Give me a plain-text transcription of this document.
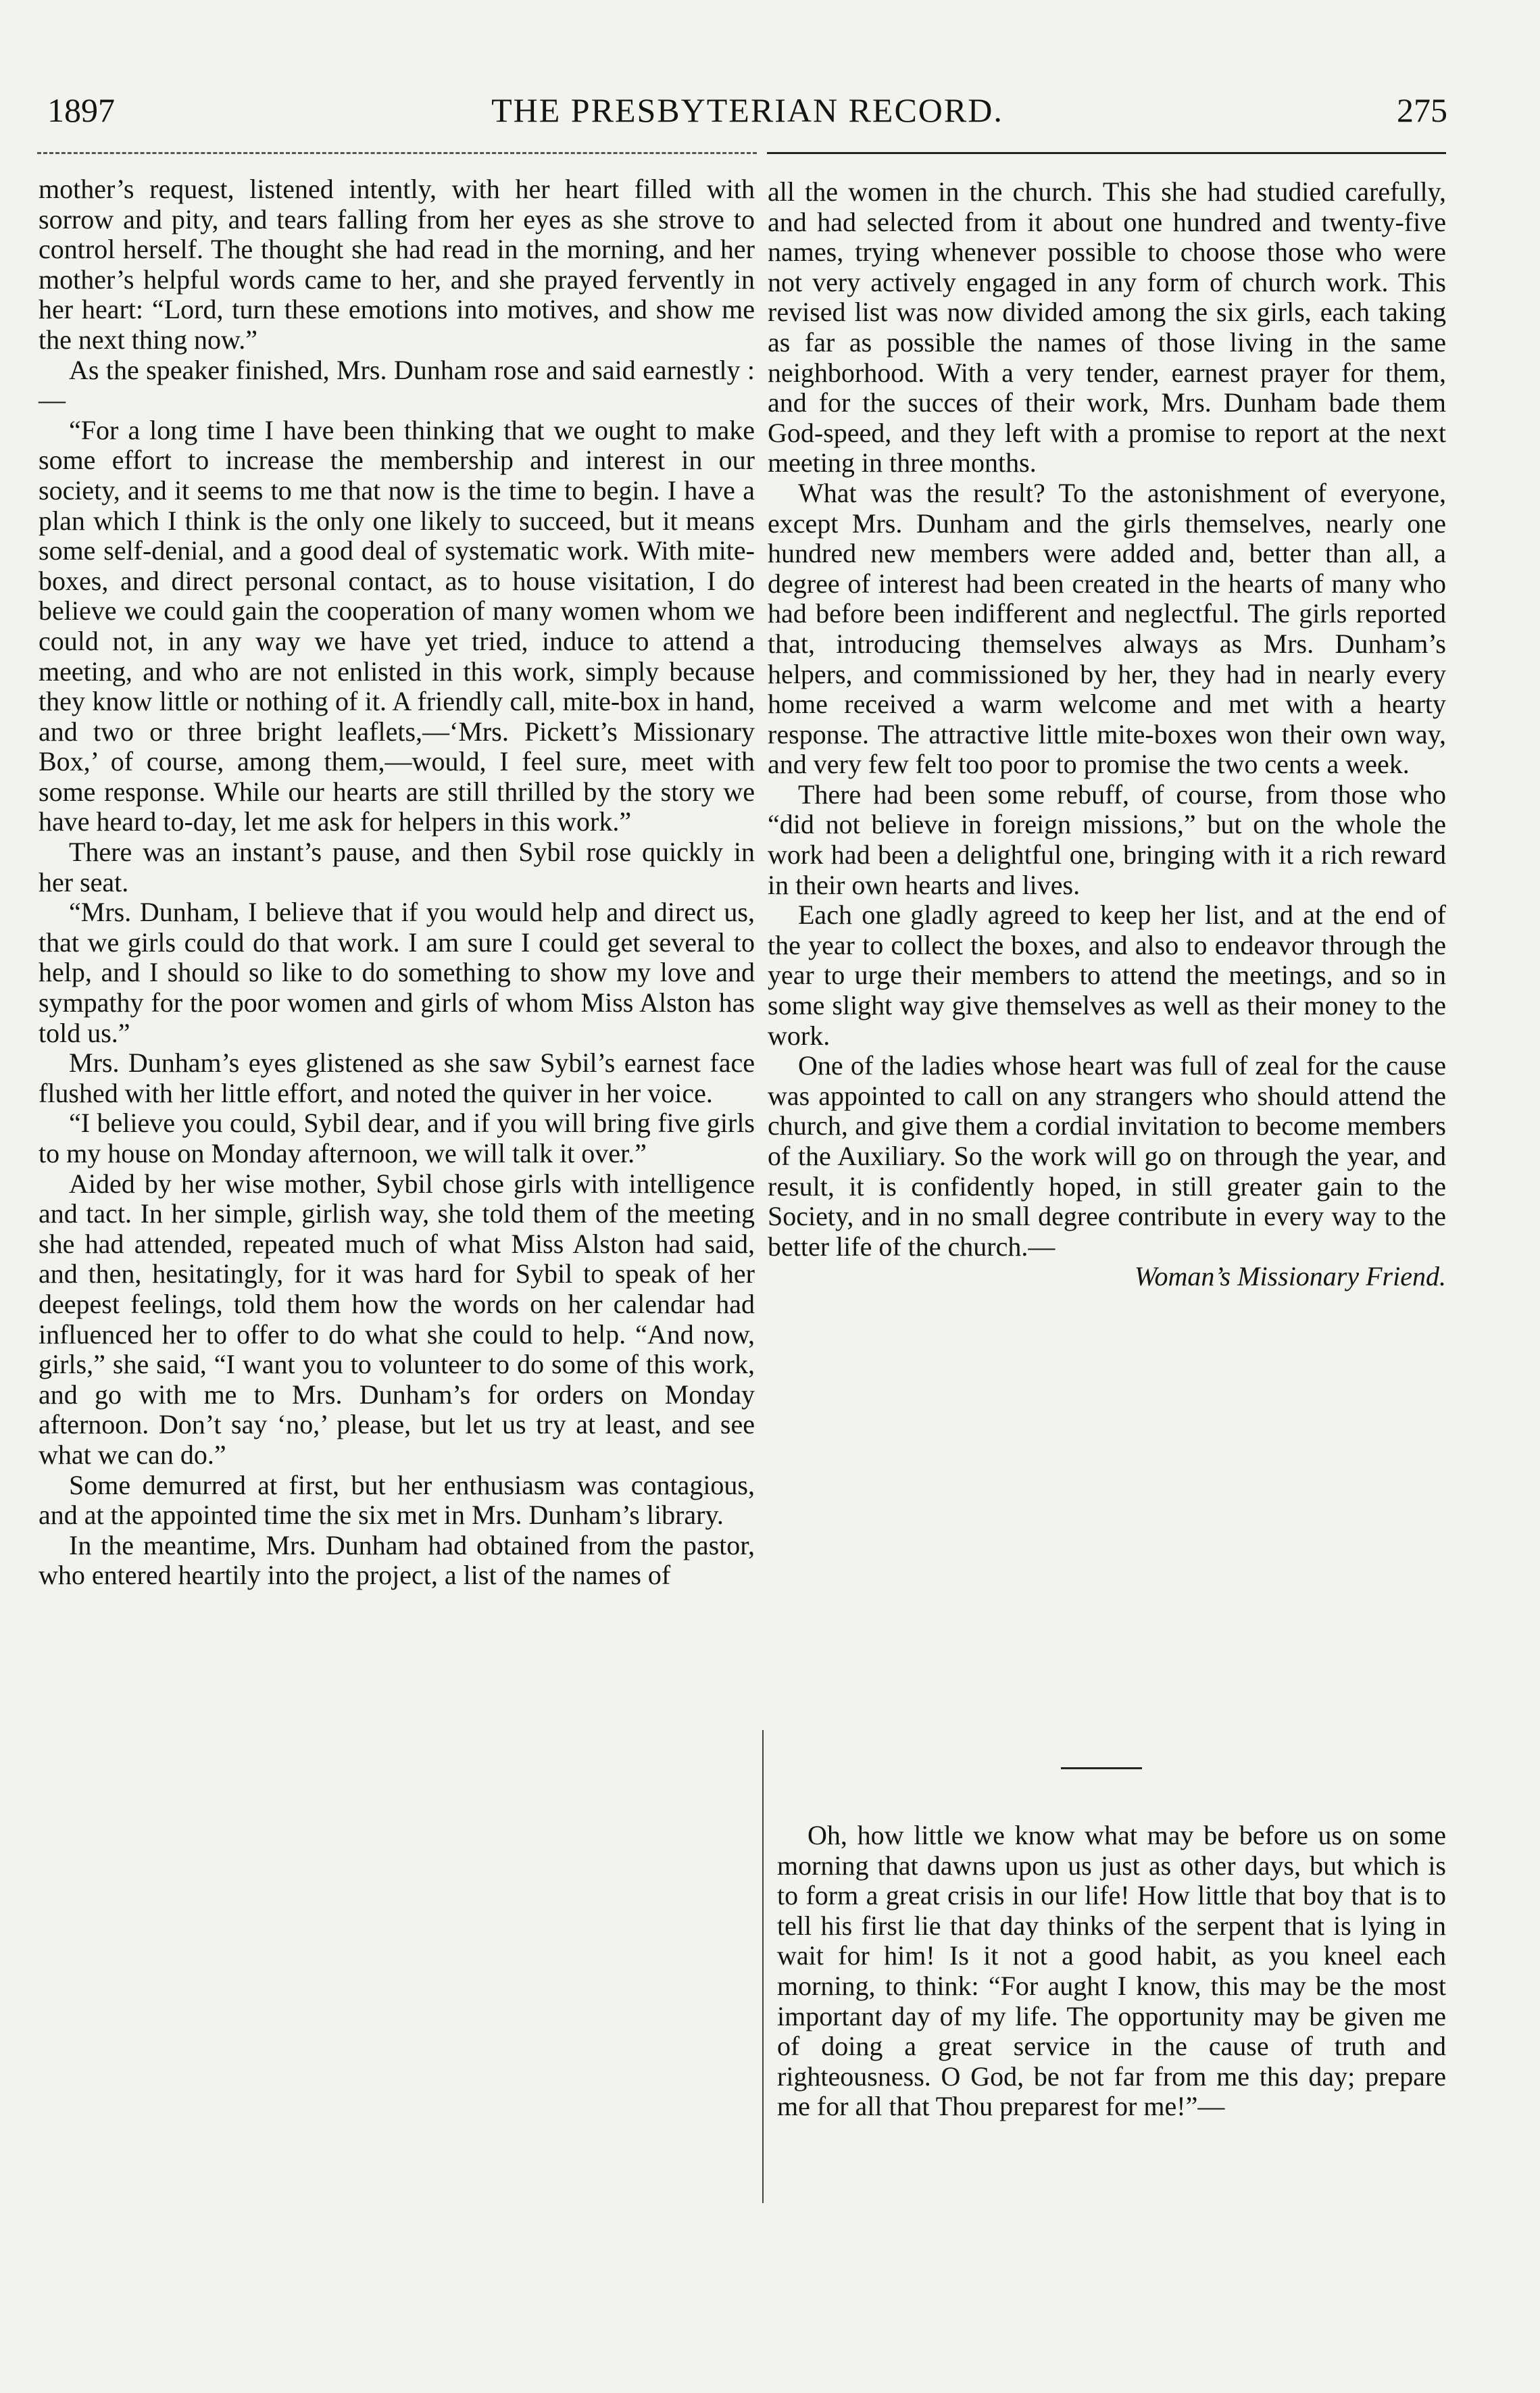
1897	THE PRESBYTERIAN RECORD.	275

mother’s request, listened intently, with her heart filled with sorrow and pity, and tears falling from her eyes as she strove to control herself. The thought she had read in the morning, and her mother’s helpful words came to her, and she prayed fervently in her heart: “Lord, turn these emotions into motives, and show me the next thing now.”

As the speaker finished, Mrs. Dunham rose and said earnestly :—

“For a long time I have been thinking that we ought to make some effort to increase the membership and interest in our society, and it seems to me that now is the time to begin. I have a plan which I think is the only one likely to succeed, but it means some self-denial, and a good deal of systematic work. With mite-boxes, and direct personal contact, as to house visitation, I do believe we could gain the cooperation of many women whom we could not, in any way we have yet tried, induce to attend a meeting, and who are not enlisted in this work, simply because they know little or nothing of it. A friendly call, mite-box in hand, and two or three bright leaflets,—‘Mrs. Pickett’s Missionary Box,’ of course, among them,—would, I feel sure, meet with some response. While our hearts are still thrilled by the story we have heard to-day, let me ask for helpers in this work.”

There was an instant’s pause, and then Sybil rose quickly in her seat.

“Mrs. Dunham, I believe that if you would help and direct us, that we girls could do that work. I am sure I could get several to help, and I should so like to do something to show my love and sympathy for the poor women and girls of whom Miss Alston has told us.”

Mrs. Dunham’s eyes glistened as she saw Sybil’s earnest face flushed with her little effort, and noted the quiver in her voice.

“I believe you could, Sybil dear, and if you will bring five girls to my house on Monday afternoon, we will talk it over.”

Aided by her wise mother, Sybil chose girls with intelligence and tact. In her simple, girlish way, she told them of the meeting she had attended, repeated much of what Miss Alston had said, and then, hesitatingly, for it was hard for Sybil to speak of her deepest feelings, told them how the words on her calendar had influenced her to offer to do what she could to help. “And now, girls,” she said, “I want you to volunteer to do some of this work, and go with me to Mrs. Dunham’s for orders on Monday afternoon. Don’t say ‘no,’ please, but let us try at least, and see what we can do.”

Some demurred at first, but her enthusiasm was contagious, and at the appointed time the six met in Mrs. Dunham’s library.

In the meantime, Mrs. Dunham had obtained from the pastor, who entered heartily into the project, a list of the names of

all the women in the church. This she had studied carefully, and had selected from it about one hundred and twenty-five names, trying whenever possible to choose those who were not very actively engaged in any form of church work. This revised list was now divided among the six girls, each taking as far as possible the names of those living in the same neighborhood. With a very tender, earnest prayer for them, and for the succes of their work, Mrs. Dunham bade them God-speed, and they left with a promise to report at the next meeting in three months.

What was the result? To the astonishment of everyone, except Mrs. Dunham and the girls themselves, nearly one hundred new members were added and, better than all, a degree of interest had been created in the hearts of many who had before been indifferent and neglectful. The girls reported that, introducing themselves always as Mrs. Dunham’s helpers, and commissioned by her, they had in nearly every home received a warm welcome and met with a hearty response. The attractive little mite-boxes won their own way, and very few felt too poor to promise the two cents a week.

There had been some rebuff, of course, from those who “did not believe in foreign missions,” but on the whole the work had been a delightful one, bringing with it a rich reward in their own hearts and lives.

Each one gladly agreed to keep her list, and at the end of the year to collect the boxes, and also to endeavor through the year to urge their members to attend the meetings, and so in some slight way give themselves as well as their money to the work.

One of the ladies whose heart was full of zeal for the cause was appointed to call on any strangers who should attend the church, and give them a cordial invitation to become members of the Auxiliary. So the work will go on through the year, and result, it is confidently hoped, in still greater gain to the Society, and in no small degree contribute in every way to the better life of the church.—

Woman’s Missionary Friend.

Oh, how little we know what may be before us on some morning that dawns upon us just as other days, but which is to form a great crisis in our life! How little that boy that is to tell his first lie that day thinks of the serpent that is lying in wait for him! Is it not a good habit, as you kneel each morning, to think: “For aught I know, this may be the most important day of my life. The opportunity may be given me of doing a great service in the cause of truth and righteousness. O God, be not far from me this day; prepare me for all that Thou preparest for me!”—
